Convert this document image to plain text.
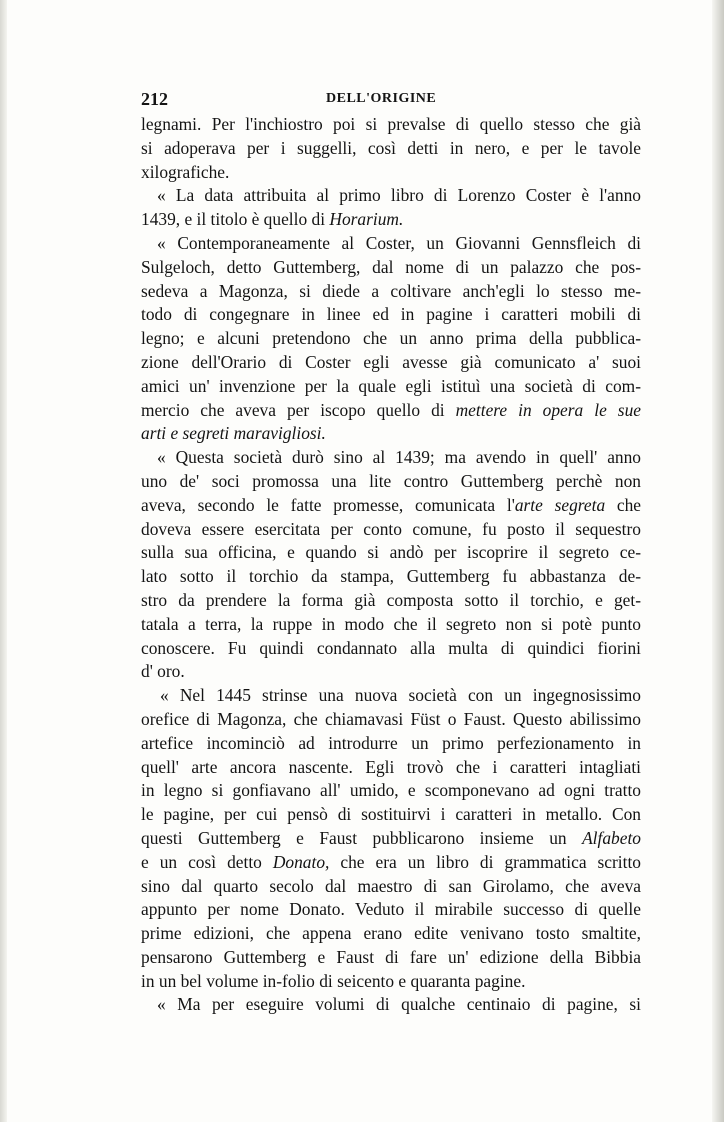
212	DELL'ORIGINE
legnami. Per l'inchiostro poi si prevalse di quello stesso che già
si adoperava per i suggelli, così detti in nero, e per le tavole
xilografiche.
« La data attribuita al primo libro di Lorenzo Coster è l'anno
1439, e il titolo è quello di Horarium.
« Contemporaneamente al Coster, un Giovanni Gennsfleich di
Sulgeloch, detto Guttemberg, dal nome di un palazzo che pos-
sedeva a Magonza, si diede a coltivare anch'egli lo stesso me-
todo di congegnare in linee ed in pagine i caratteri mobili di
legno; e alcuni pretendono che un anno prima della pubblica-
zione dell'Orario di Coster egli avesse già comunicato a' suoi
amici un' invenzione per la quale egli istituì una società di com-
mercio che aveva per iscopo quello di mettere in opera le sue
arti e segreti maravigliosi.
« Questa società durò sino al 1439; ma avendo in quell' anno
uno de' soci promossa una lite contro Guttemberg perchè non
aveva, secondo le fatte promesse, comunicata l'arte segreta che
doveva essere esercitata per conto comune, fu posto il sequestro
sulla sua officina, e quando si andò per iscoprire il segreto ce-
lato sotto il torchio da stampa, Guttemberg fu abbastanza de-
stro da prendere la forma già composta sotto il torchio, e get-
tatala a terra, la ruppe in modo che il segreto non si potè punto
conoscere. Fu quindi condannato alla multa di quindici fiorini
d' oro.
« Nel 1445 strinse una nuova società con un ingegnosissimo
orefice di Magonza, che chiamavasi Füst o Faust. Questo abilissimo
artefice incominciò ad introdurre un primo perfezionamento in
quell' arte ancora nascente. Egli trovò che i caratteri intagliati
in legno si gonfiavano all' umido, e scomponevano ad ogni tratto
le pagine, per cui pensò di sostituirvi i caratteri in metallo. Con
questi Guttemberg e Faust pubblicarono insieme un Alfabeto
e un così detto Donato, che era un libro di grammatica scritto
sino dal quarto secolo dal maestro di san Girolamo, che aveva
appunto per nome Donato. Veduto il mirabile successo di quelle
prime edizioni, che appena erano edite venivano tosto smaltite,
pensarono Guttemberg e Faust di fare un' edizione della Bibbia
in un bel volume in-folio di seicento e quaranta pagine.
« Ma per eseguire volumi di qualche centinaio di pagine, si
